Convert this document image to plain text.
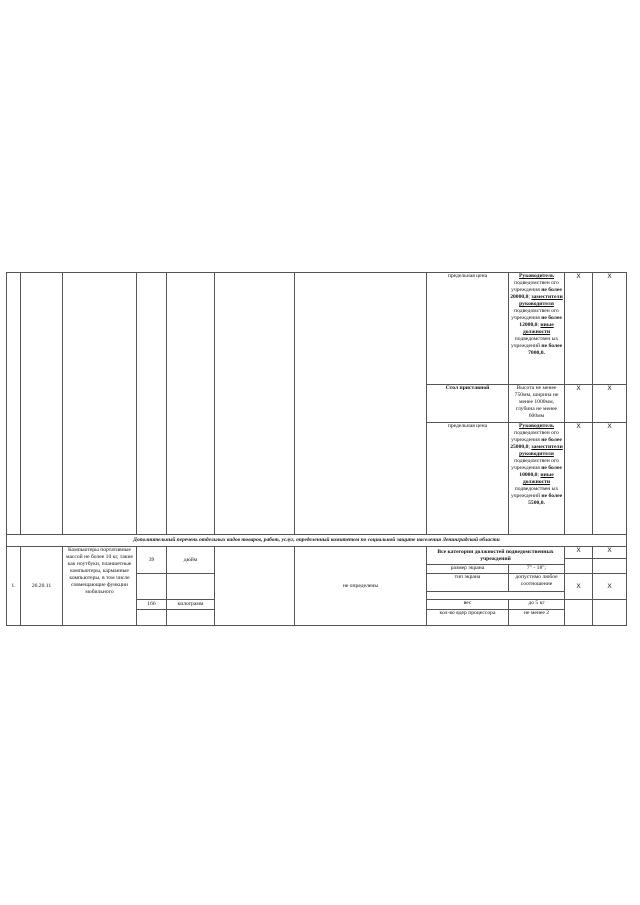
							предельная цена	Руководитель подведомствен ого учреждения не более 20000,0; заместители руководителя подведомствен ого учреждения не более 12000,0; иные должности подведомствен ых учреждений не более 7000,0.	X	X
							Стол приставной	Высота не менее 750мм, ширина не менее 1000мм, глубина не менее 600мм	X	X
							предельная цена	Руководитель подведомствен ого учреждения не более 25000,0; заместители руководителя подведомствен ого учреждения не более 10000,0; иные должности подведомствен ых учреждений не более 5500,0.	X	X
Дополнительный перечень отдельных видов товаров, работ, услуг, определенный комитетом по социальной защите населения Ленинградской области										
1.	26.20.11	Компьютеры портативные массой не более 10 кг, такие как ноутбуки, планшетные компьютеры, карманные компьютеры, в том числе совмещающие функции мобильного	39	дюйм		не определены	Все категории должностей подведомственных учреждений		X	X

							размер экрана	7" - 18";		
							тип экрана	допустимо любое соотношение	X	X

			166	килограмм			вес	до 5 кг		
							кол-во ядер процессора	не менее 2		
